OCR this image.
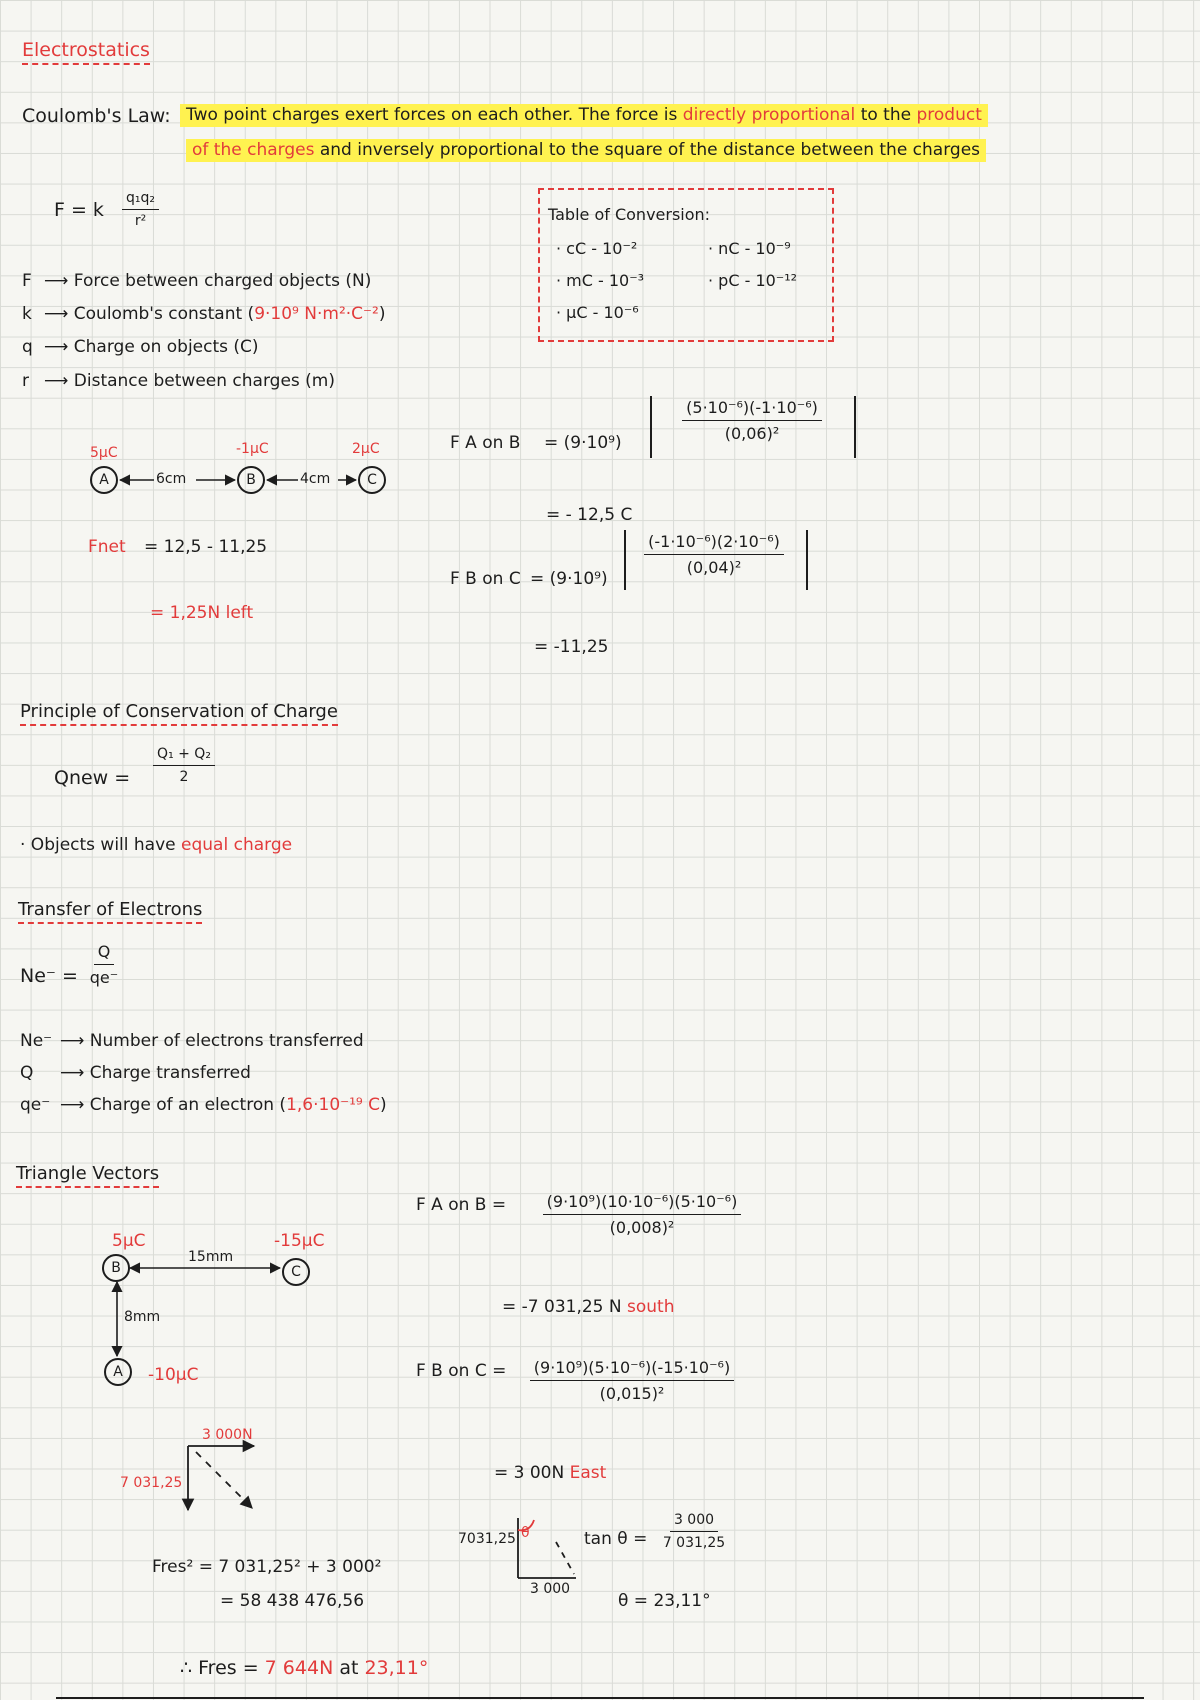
Electrostatics
Coulomb's Law: Two point charges exert forces on each other. The force is directly proportional to the product
of the charges and inversely proportional to the square of the distance between the charges
F = k $\frac{\text{q₁q₂}}{\text{r²}}$
F ⟶ Force between charged objects (N)
k ⟶ Coulomb's constant (9·10⁹ N·m²·C⁻²)
q ⟶ Charge on objects (C)
r ⟶ Distance between charges (m)
Table of Conversion:
· cC - 10⁻²
· mC - 10⁻³
· µC - 10⁻⁶
· nC - 10⁻⁹
· pC - 10⁻¹²
5µC	-1µC	2µC
A	B	C
6cm	4cm
Fnet = 12,5 - 11,25
= 1,25N left
F A on $B = (9\cdot 10^9) \frac{\text{(5·10⁻⁶)(-1·10⁻⁶)}}{\text{(0,06)²}}$
= - 12,5 C
F B on C = (9·10⁹)
$\frac{\text{(-1·10⁻⁶)(2·10⁻⁶)}}{\text{(0,04)²}}$
= -11,25
Principle of Conservation of Charge
Qnew = $\frac{\text{Q₁ + Q₂}}{2}$
· Objects will have equal charge
Transfer of Electrons
$Ne^- = \frac{Q}{qe^-}$
Ne⁻ ⟶ Number of electrons transferred
Q ⟶ Charge transferred
qe⁻ ⟶ Charge of an electron (1,6·10⁻¹⁹ C)
Triangle Vectors
5µC	-15µC
-10µC
B	C
A
15mm
8mm
3 000N
7 031,25
Fres² = 7 031,25² + 3 000²
= 58 438 476,56
∴ Fres = 7 644N at 23,11°
F A on $B = \frac{\text{(9·10⁹)(10·10⁻⁶)(5·10⁻⁶)}}{\text{(0,008)²}}$
= -7 031,25 N south
F B on $C = \frac{\text{(9·10⁹)(5·10⁻⁶)(-15·10⁻⁶)}}{\text{(0,015)²}}$
= 3 00N East
7031,25
3 000
θ	$\tan \theta = \frac{3 000}{7 031,25}$
θ = 23,11°
